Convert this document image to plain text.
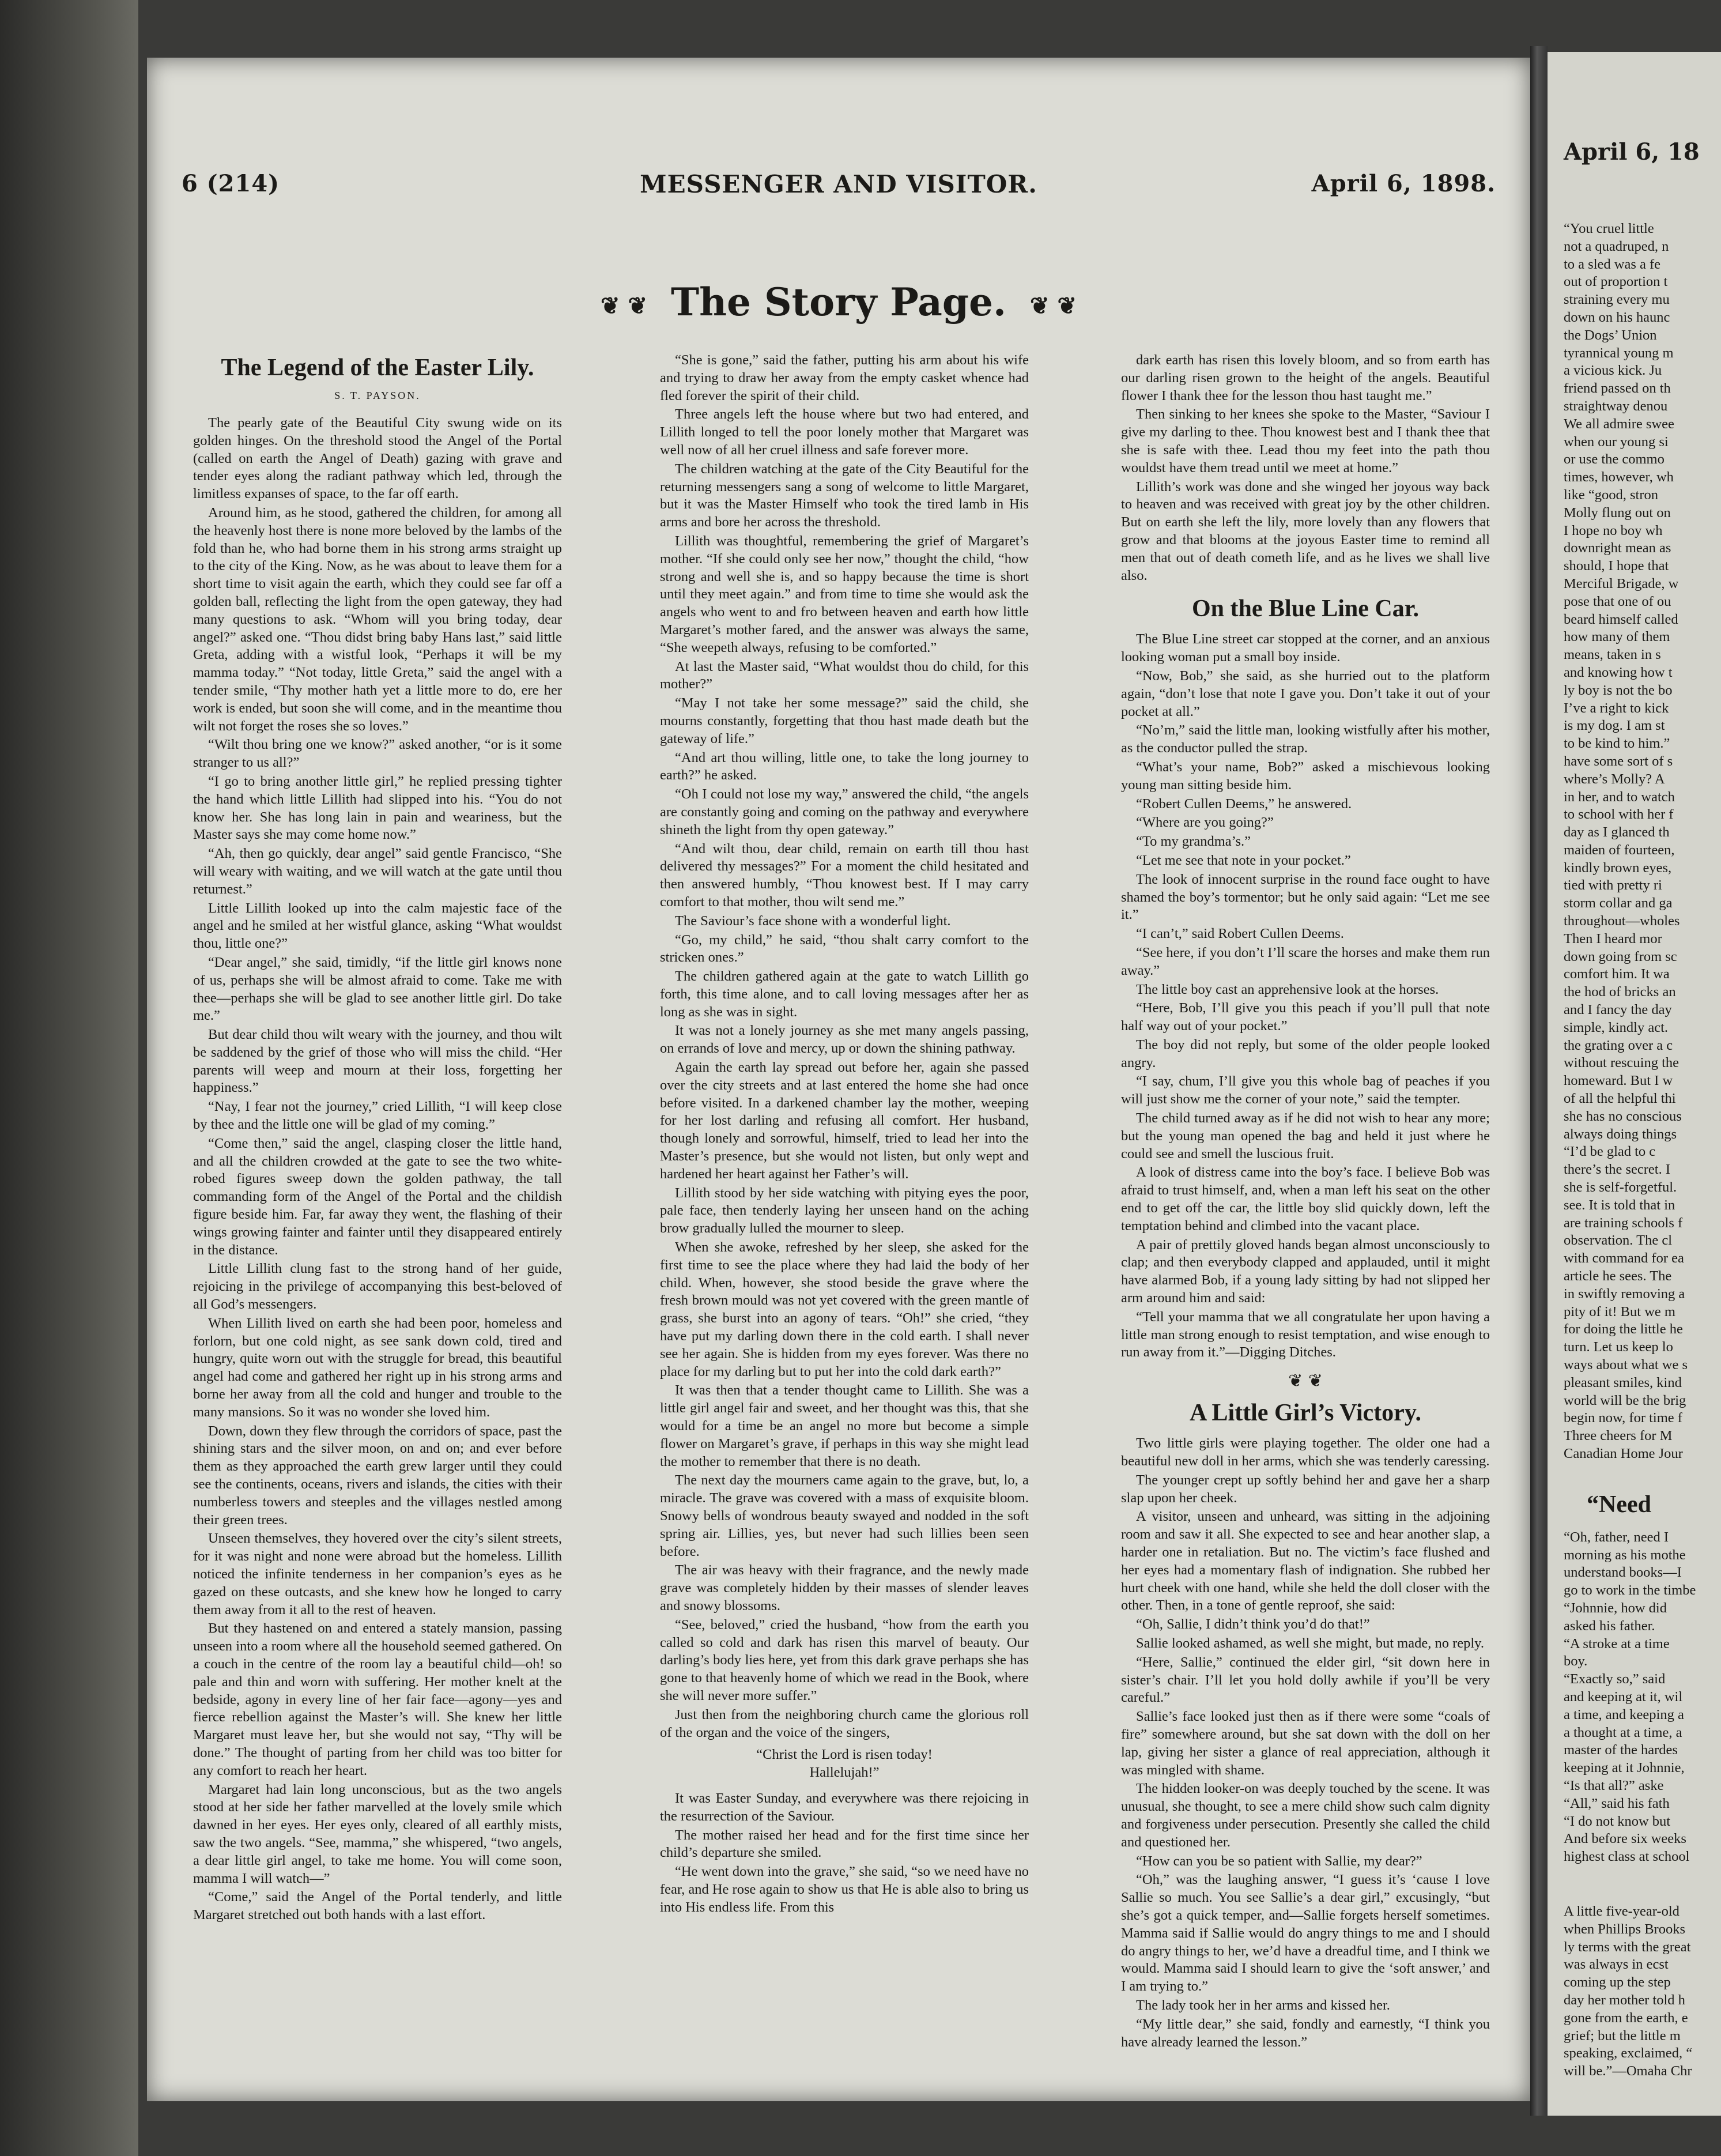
6 (214)	MESSENGER AND VISITOR.	April 6, 1898.
❦ ❦ The Story Page. ❦ ❦
The Legend of the Easter Lily.
S. T. PAYSON.

The pearly gate of the Beautiful City swung wide on its golden hinges. On the threshold stood the Angel of the Portal (called on earth the Angel of Death) gazing with grave and tender eyes along the radiant pathway which led, through the limitless expanses of space, to the far off earth.

Around him, as he stood, gathered the children, for among all the heavenly host there is none more beloved by the lambs of the fold than he, who had borne them in his strong arms straight up to the city of the King. Now, as he was about to leave them for a short time to visit again the earth, which they could see far off a golden ball, reflecting the light from the open gateway, they had many questions to ask. “Whom will you bring today, dear angel?” asked one. “Thou didst bring baby Hans last,” said little Greta, adding with a wistful look, “Perhaps it will be my mamma today.” “Not today, little Greta,” said the angel with a tender smile, “Thy mother hath yet a little more to do, ere her work is ended, but soon she will come, and in the meantime thou wilt not forget the roses she so loves.”

“Wilt thou bring one we know?” asked another, “or is it some stranger to us all?”

“I go to bring another little girl,” he replied pressing tighter the hand which little Lillith had slipped into his. “You do not know her. She has long lain in pain and weariness, but the Master says she may come home now.”

“Ah, then go quickly, dear angel” said gentle Francisco, “She will weary with waiting, and we will watch at the gate until thou returnest.”

Little Lillith looked up into the calm majestic face of the angel and he smiled at her wistful glance, asking “What wouldst thou, little one?”

“Dear angel,” she said, timidly, “if the little girl knows none of us, perhaps she will be almost afraid to come. Take me with thee—perhaps she will be glad to see another little girl. Do take me.”

But dear child thou wilt weary with the journey, and thou wilt be saddened by the grief of those who will miss the child. “Her parents will weep and mourn at their loss, forgetting her happiness.”

“Nay, I fear not the journey,” cried Lillith, “I will keep close by thee and the little one will be glad of my coming.”

“Come then,” said the angel, clasping closer the little hand, and all the children crowded at the gate to see the two white-robed figures sweep down the golden pathway, the tall commanding form of the Angel of the Portal and the childish figure beside him. Far, far away they went, the flashing of their wings growing fainter and fainter until they disappeared entirely in the distance.

Little Lillith clung fast to the strong hand of her guide, rejoicing in the privilege of accompanying this best-beloved of all God’s messengers.

When Lillith lived on earth she had been poor, homeless and forlorn, but one cold night, as see sank down cold, tired and hungry, quite worn out with the struggle for bread, this beautiful angel had come and gathered her right up in his strong arms and borne her away from all the cold and hunger and trouble to the many mansions. So it was no wonder she loved him.

Down, down they flew through the corridors of space, past the shining stars and the silver moon, on and on; and ever before them as they approached the earth grew larger until they could see the continents, oceans, rivers and islands, the cities with their numberless towers and steeples and the villages nestled among their green trees.

Unseen themselves, they hovered over the city’s silent streets, for it was night and none were abroad but the homeless. Lillith noticed the infinite tenderness in her companion’s eyes as he gazed on these outcasts, and she knew how he longed to carry them away from it all to the rest of heaven.

But they hastened on and entered a stately mansion, passing unseen into a room where all the household seemed gathered. On a couch in the centre of the room lay a beautiful child—oh! so pale and thin and worn with suffering. Her mother knelt at the bedside, agony in every line of her fair face—agony—yes and fierce rebellion against the Master’s will. She knew her little Margaret must leave her, but she would not say, “Thy will be done.” The thought of parting from her child was too bitter for any comfort to reach her heart.

Margaret had lain long unconscious, but as the two angels stood at her side her father marvelled at the lovely smile which dawned in her eyes. Her eyes only, cleared of all earthly mists, saw the two angels. “See, mamma,” she whispered, “two angels, a dear little girl angel, to take me home. You will come soon, mamma I will watch—”

“Come,” said the Angel of the Portal tenderly, and little Margaret stretched out both hands with a last effort.

“She is gone,” said the father, putting his arm about his wife and trying to draw her away from the empty casket whence had fled forever the spirit of their child.

Three angels left the house where but two had entered, and Lillith longed to tell the poor lonely mother that Margaret was well now of all her cruel illness and safe forever more.

The children watching at the gate of the City Beautiful for the returning messengers sang a song of welcome to little Margaret, but it was the Master Himself who took the tired lamb in His arms and bore her across the threshold.

Lillith was thoughtful, remembering the grief of Margaret’s mother. “If she could only see her now,” thought the child, “how strong and well she is, and so happy because the time is short until they meet again.” and from time to time she would ask the angels who went to and fro between heaven and earth how little Margaret’s mother fared, and the answer was always the same, “She weepeth always, refusing to be comforted.”

At last the Master said, “What wouldst thou do child, for this mother?”

“May I not take her some message?” said the child, she mourns constantly, forgetting that thou hast made death but the gateway of life.”

“And art thou willing, little one, to take the long journey to earth?” he asked.

“Oh I could not lose my way,” answered the child, “the angels are constantly going and coming on the pathway and everywhere shineth the light from thy open gateway.”

“And wilt thou, dear child, remain on earth till thou hast delivered thy messages?” For a moment the child hesitated and then answered humbly, “Thou knowest best. If I may carry comfort to that mother, thou wilt send me.”

The Saviour’s face shone with a wonderful light.

“Go, my child,” he said, “thou shalt carry comfort to the stricken ones.”

The children gathered again at the gate to watch Lillith go forth, this time alone, and to call loving messages after her as long as she was in sight.

It was not a lonely journey as she met many angels passing, on errands of love and mercy, up or down the shining pathway.

Again the earth lay spread out before her, again she passed over the city streets and at last entered the home she had once before visited. In a darkened chamber lay the mother, weeping for her lost darling and refusing all comfort. Her husband, though lonely and sorrowful, himself, tried to lead her into the Master’s presence, but she would not listen, but only wept and hardened her heart against her Father’s will.

Lillith stood by her side watching with pitying eyes the poor, pale face, then tenderly laying her unseen hand on the aching brow gradually lulled the mourner to sleep.

When she awoke, refreshed by her sleep, she asked for the first time to see the place where they had laid the body of her child. When, however, she stood beside the grave where the fresh brown mould was not yet covered with the green mantle of grass, she burst into an agony of tears. “Oh!” she cried, “they have put my darling down there in the cold earth. I shall never see her again. She is hidden from my eyes forever. Was there no place for my darling but to put her into the cold dark earth?”

It was then that a tender thought came to Lillith. She was a little girl angel fair and sweet, and her thought was this, that she would for a time be an angel no more but become a simple flower on Margaret’s grave, if perhaps in this way she might lead the mother to remember that there is no death.

The next day the mourners came again to the grave, but, lo, a miracle. The grave was covered with a mass of exquisite bloom. Snowy bells of wondrous beauty swayed and nodded in the soft spring air. Lillies, yes, but never had such lillies been seen before.

The air was heavy with their fragrance, and the newly made grave was completely hidden by their masses of slender leaves and snowy blossoms.

“See, beloved,” cried the husband, “how from the earth you called so cold and dark has risen this marvel of beauty. Our darling’s body lies here, yet from this dark grave perhaps she has gone to that heavenly home of which we read in the Book, where she will never more suffer.”

Just then from the neighboring church came the glorious roll of the organ and the voice of the singers,

“Christ the Lord is risen today!
Hallelujah!”

It was Easter Sunday, and everywhere was there rejoicing in the resurrection of the Saviour.

The mother raised her head and for the first time since her child’s departure she smiled.

“He went down into the grave,” she said, “so we need have no fear, and He rose again to show us that He is able also to bring us into His endless life. From this

dark earth has risen this lovely bloom, and so from earth has our darling risen grown to the height of the angels. Beautiful flower I thank thee for the lesson thou hast taught me.”

Then sinking to her knees she spoke to the Master, “Saviour I give my darling to thee. Thou knowest best and I thank thee that she is safe with thee. Lead thou my feet into the path thou wouldst have them tread until we meet at home.”

Lillith’s work was done and she winged her joyous way back to heaven and was received with great joy by the other children. But on earth she left the lily, more lovely than any flowers that grow and that blooms at the joyous Easter time to remind all men that out of death cometh life, and as he lives we shall live also.

On the Blue Line Car.

The Blue Line street car stopped at the corner, and an anxious looking woman put a small boy inside.

“Now, Bob,” she said, as she hurried out to the platform again, “don’t lose that note I gave you. Don’t take it out of your pocket at all.”

“No’m,” said the little man, looking wistfully after his mother, as the conductor pulled the strap.

“What’s your name, Bob?” asked a mischievous looking young man sitting beside him.

“Robert Cullen Deems,” he answered.

“Where are you going?”

“To my grandma’s.”

“Let me see that note in your pocket.”

The look of innocent surprise in the round face ought to have shamed the boy’s tormentor; but he only said again: “Let me see it.”

“I can’t,” said Robert Cullen Deems.

“See here, if you don’t I’ll scare the horses and make them run away.”

The little boy cast an apprehensive look at the horses.

“Here, Bob, I’ll give you this peach if you’ll pull that note half way out of your pocket.”

The boy did not reply, but some of the older people looked angry.

“I say, chum, I’ll give you this whole bag of peaches if you will just show me the corner of your note,” said the tempter.

The child turned away as if he did not wish to hear any more; but the young man opened the bag and held it just where he could see and smell the luscious fruit.

A look of distress came into the boy’s face. I believe Bob was afraid to trust himself, and, when a man left his seat on the other end to get off the car, the little boy slid quickly down, left the temptation behind and climbed into the vacant place.

A pair of prettily gloved hands began almost unconsciously to clap; and then everybody clapped and applauded, until it might have alarmed Bob, if a young lady sitting by had not slipped her arm around him and said:

“Tell your mamma that we all congratulate her upon having a little man strong enough to resist temptation, and wise enough to run away from it.”—Digging Ditches.

❦ ❦
A Little Girl’s Victory.

Two little girls were playing together. The older one had a beautiful new doll in her arms, which she was tenderly caressing.

The younger crept up softly behind her and gave her a sharp slap upon her cheek.

A visitor, unseen and unheard, was sitting in the adjoining room and saw it all. She expected to see and hear another slap, a harder one in retaliation. But no. The victim’s face flushed and her eyes had a momentary flash of indignation. She rubbed her hurt cheek with one hand, while she held the doll closer with the other. Then, in a tone of gentle reproof, she said:

“Oh, Sallie, I didn’t think you’d do that!”

Sallie looked ashamed, as well she might, but made, no reply.

“Here, Sallie,” continued the elder girl, “sit down here in sister’s chair. I’ll let you hold dolly awhile if you’ll be very careful.”

Sallie’s face looked just then as if there were some “coals of fire” somewhere around, but she sat down with the doll on her lap, giving her sister a glance of real appreciation, although it was mingled with shame.

The hidden looker-on was deeply touched by the scene. It was unusual, she thought, to see a mere child show such calm dignity and forgiveness under persecution. Presently she called the child and questioned her.

“How can you be so patient with Sallie, my dear?”

“Oh,” was the laughing answer, “I guess it’s ‘cause I love Sallie so much. You see Sallie’s a dear girl,” excusingly, “but she’s got a quick temper, and—Sallie forgets herself sometimes. Mamma said if Sallie would do angry things to me and I should do angry things to her, we’d have a dreadful time, and I think we would. Mamma said I should learn to give the ‘soft answer,’ and I am trying to.”

The lady took her in her arms and kissed her.

“My little dear,” she said, fondly and earnestly, “I think you have already learned the lesson.”

April 6, 18
“You cruel little
not a quadruped, n
to a sled was a fe
out of proportion t
straining every mu
down on his haunc
the Dogs’ Union
tyrannical young m
a vicious kick. Ju
friend passed on th
straightway denou
We all admire swee
when our young si
or use the commo
times, however, wh
like “good, stron
Molly flung out on
I hope no boy wh
downright mean as
should, I hope that
Merciful Brigade, w
pose that one of ou
beard himself called
how many of them
means, taken in s
and knowing how t
ly boy is not the bo
I’ve a right to kick
is my dog. I am st
to be kind to him.”
have some sort of s
where’s Molly? A
in her, and to watch
to school with her f
day as I glanced th
maiden of fourteen,
kindly brown eyes,
tied with pretty ri
storm collar and ga
throughout—wholes
Then I heard mor
down going from sc
comfort him. It wa
the hod of bricks an
and I fancy the day
simple, kindly act.
the grating over a c
without rescuing the
homeward. But I w
of all the helpful thi
she has no conscious
always doing things
“I’d be glad to c
there’s the secret. I
she is self-forgetful.
see. It is told that in
are training schools f
observation. The cl
with command for ea
article he sees. The
in swiftly removing a
pity of it! But we m
for doing the little he
turn. Let us keep lo
ways about what we s
pleasant smiles, kind
world will be the brig
begin now, for time f
Three cheers for M
Canadian Home Jour
“Need
“Oh, father, need I
morning as his mothe
understand books—I
go to work in the timbe
“Johnnie, how did
asked his father.
“A stroke at a time
boy.
“Exactly so,” said
and keeping at it, wil
a time, and keeping a
a thought at a time, a
master of the hardes
keeping at it Johnnie,
“Is that all?” aske
“All,” said his fath
“I do not know but
And before six weeks
highest class at school
A little five-year-old
when Phillips Brooks
ly terms with the great
was always in ecst
coming up the step
day her mother told h
gone from the earth, e
grief; but the little m
speaking, exclaimed, “
will be.”—Omaha Chr
